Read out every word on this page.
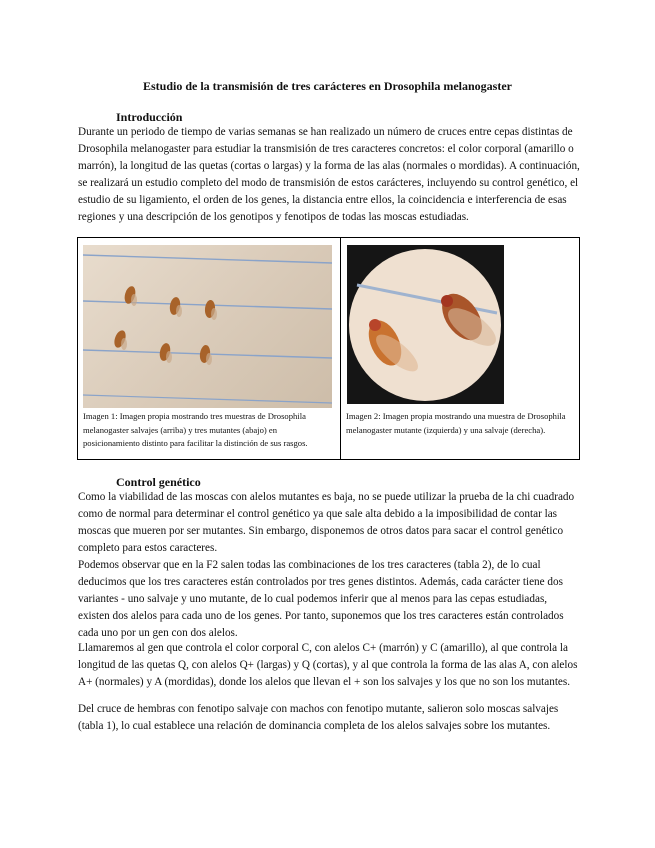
Estudio de la transmisión de tres carácteres en Drosophila melanogaster
Introducción

Durante un periodo de tiempo de varias semanas se han realizado un número de cruces entre cepas distintas de Drosophila melanogaster para estudiar la transmisión de tres caracteres concretos: el color corporal (amarillo o marrón), la longitud de las quetas (cortas o largas) y la forma de las alas (normales o mordidas). A continuación, se realizará un estudio completo del modo de transmisión de estos carácteres, incluyendo su control genético, el estudio de su ligamiento, el orden de los genes, la distancia entre ellos, la coincidencia e interferencia de esas regiones y una descripción de los genotipos y fenotipos de todas las moscas estudiadas.

Imagen 1: Imagen propia mostrando tres muestras de Drosophila melanogaster salvajes (arriba) y tres mutantes (abajo) en posicionamiento distinto para facilitar la distinción de sus rasgos.

Imagen 2: Imagen propia mostrando una muestra de Drosophila melanogaster mutante (izquierda) y una salvaje (derecha).

Control genético

Como la viabilidad de las moscas con alelos mutantes es baja, no se puede utilizar la prueba de la chi cuadrado como de normal para determinar el control genético ya que sale alta debido a la imposibilidad de contar las moscas que mueren por ser mutantes. Sin embargo, disponemos de otros datos para sacar el control genético completo para estos caracteres.

Podemos observar que en la F2 salen todas las combinaciones de los tres caracteres (tabla 2), de lo cual deducimos que los tres caracteres están controlados por tres genes distintos. Además, cada carácter tiene dos variantes - uno salvaje y uno mutante, de lo cual podemos inferir que al menos para las cepas estudiadas, existen dos alelos para cada uno de los genes. Por tanto, suponemos que los tres caracteres están controlados cada uno por un gen con dos alelos.

Llamaremos al gen que controla el color corporal C, con alelos C+ (marrón) y C (amarillo), al que controla la longitud de las quetas Q, con alelos Q+ (largas) y Q (cortas), y al que controla la forma de las alas A, con alelos A+ (normales) y A (mordidas), donde los alelos que llevan el + son los salvajes y los que no son los mutantes.

Del cruce de hembras con fenotipo salvaje con machos con fenotipo mutante, salieron solo moscas salvajes (tabla 1), lo cual establece una relación de dominancia completa de los alelos salvajes sobre los mutantes.
